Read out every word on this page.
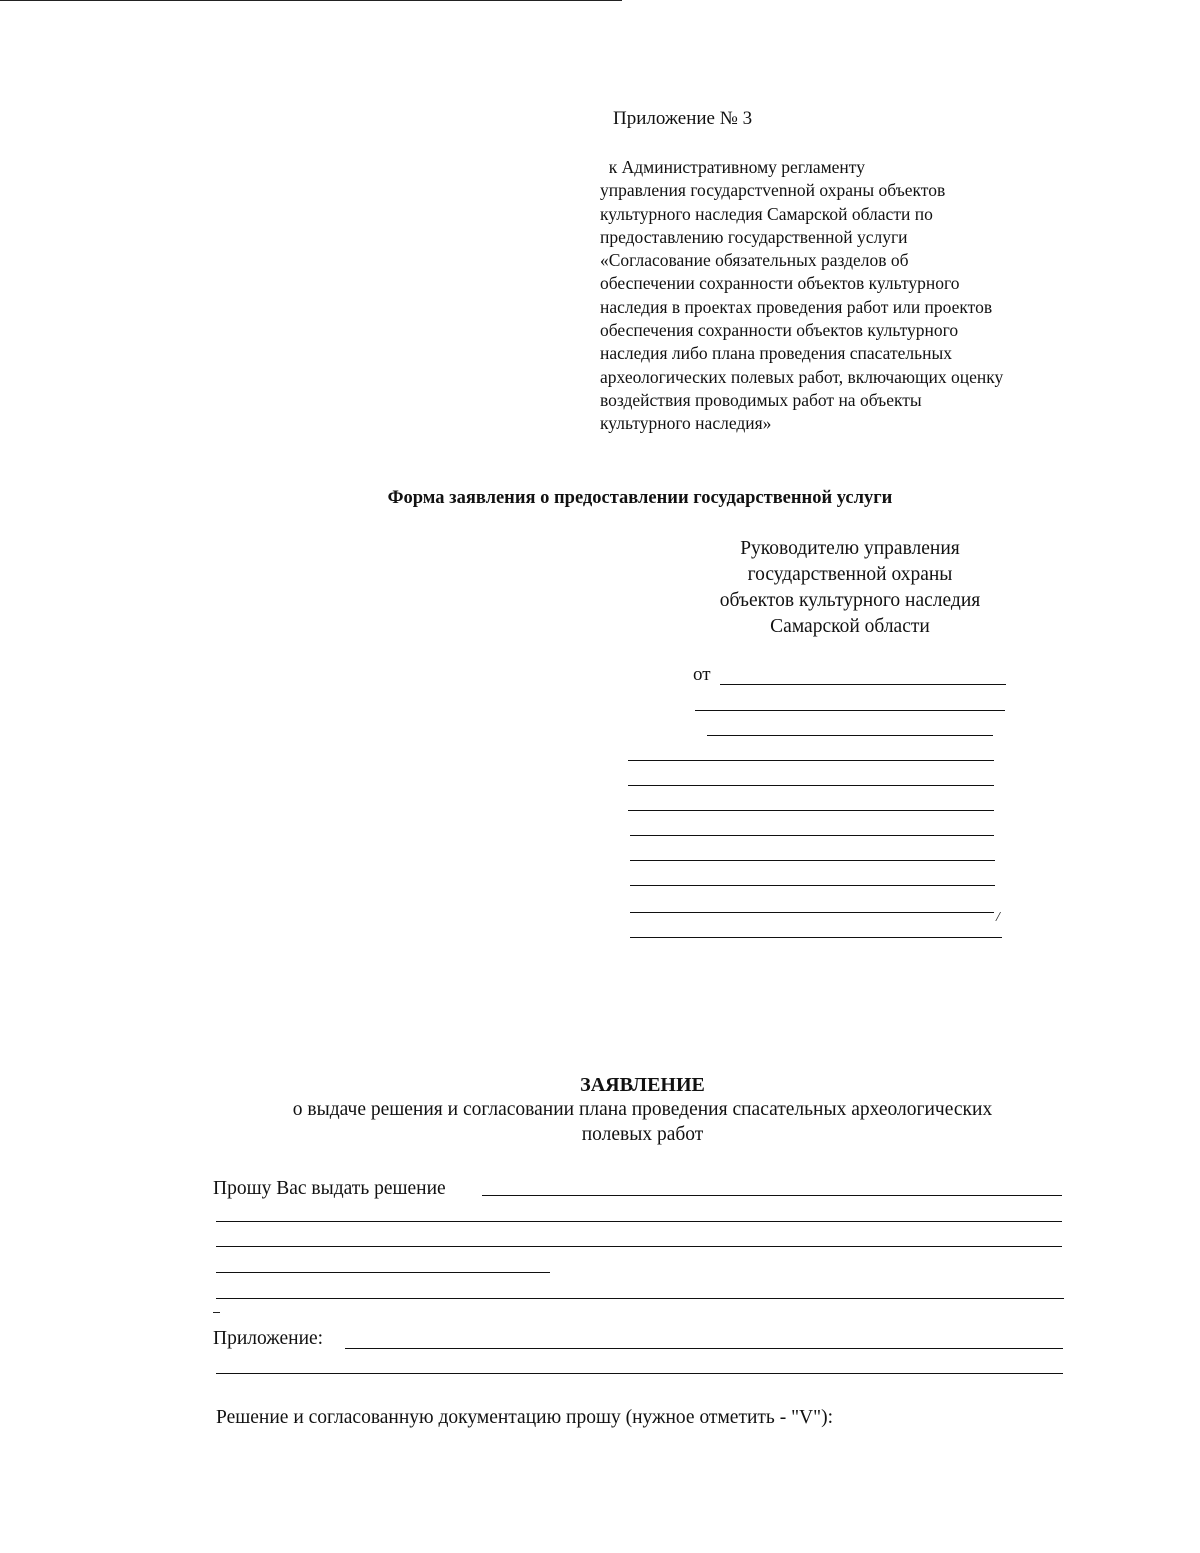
Приложение № 3
к Административному регламенту
управления государстvenной охраны объектов
культурного наследия Самарской области по
предоставлению государственной услуги
«Согласование обязательных разделов об
обеспечении сохранности объектов культурного
наследия в проектах проведения работ или проектов
обеспечения сохранности объектов культурного
наследия либо плана проведения спасательных
археологических полевых работ, включающих оценку
воздействия проводимых работ на объекты
культурного наследия»
Форма заявления о предоставлении государственной услуги
Руководителю управления
государственной охраны
объектов культурного наследия
Самарской области
от
/
ЗАЯВЛЕНИЕ
о выдаче решения и согласовании плана проведения спасательных археологических
полевых работ
Прошу Вас выдать решение
Приложение:
Решение и согласованную документацию прошу (нужное отметить - "V"):
